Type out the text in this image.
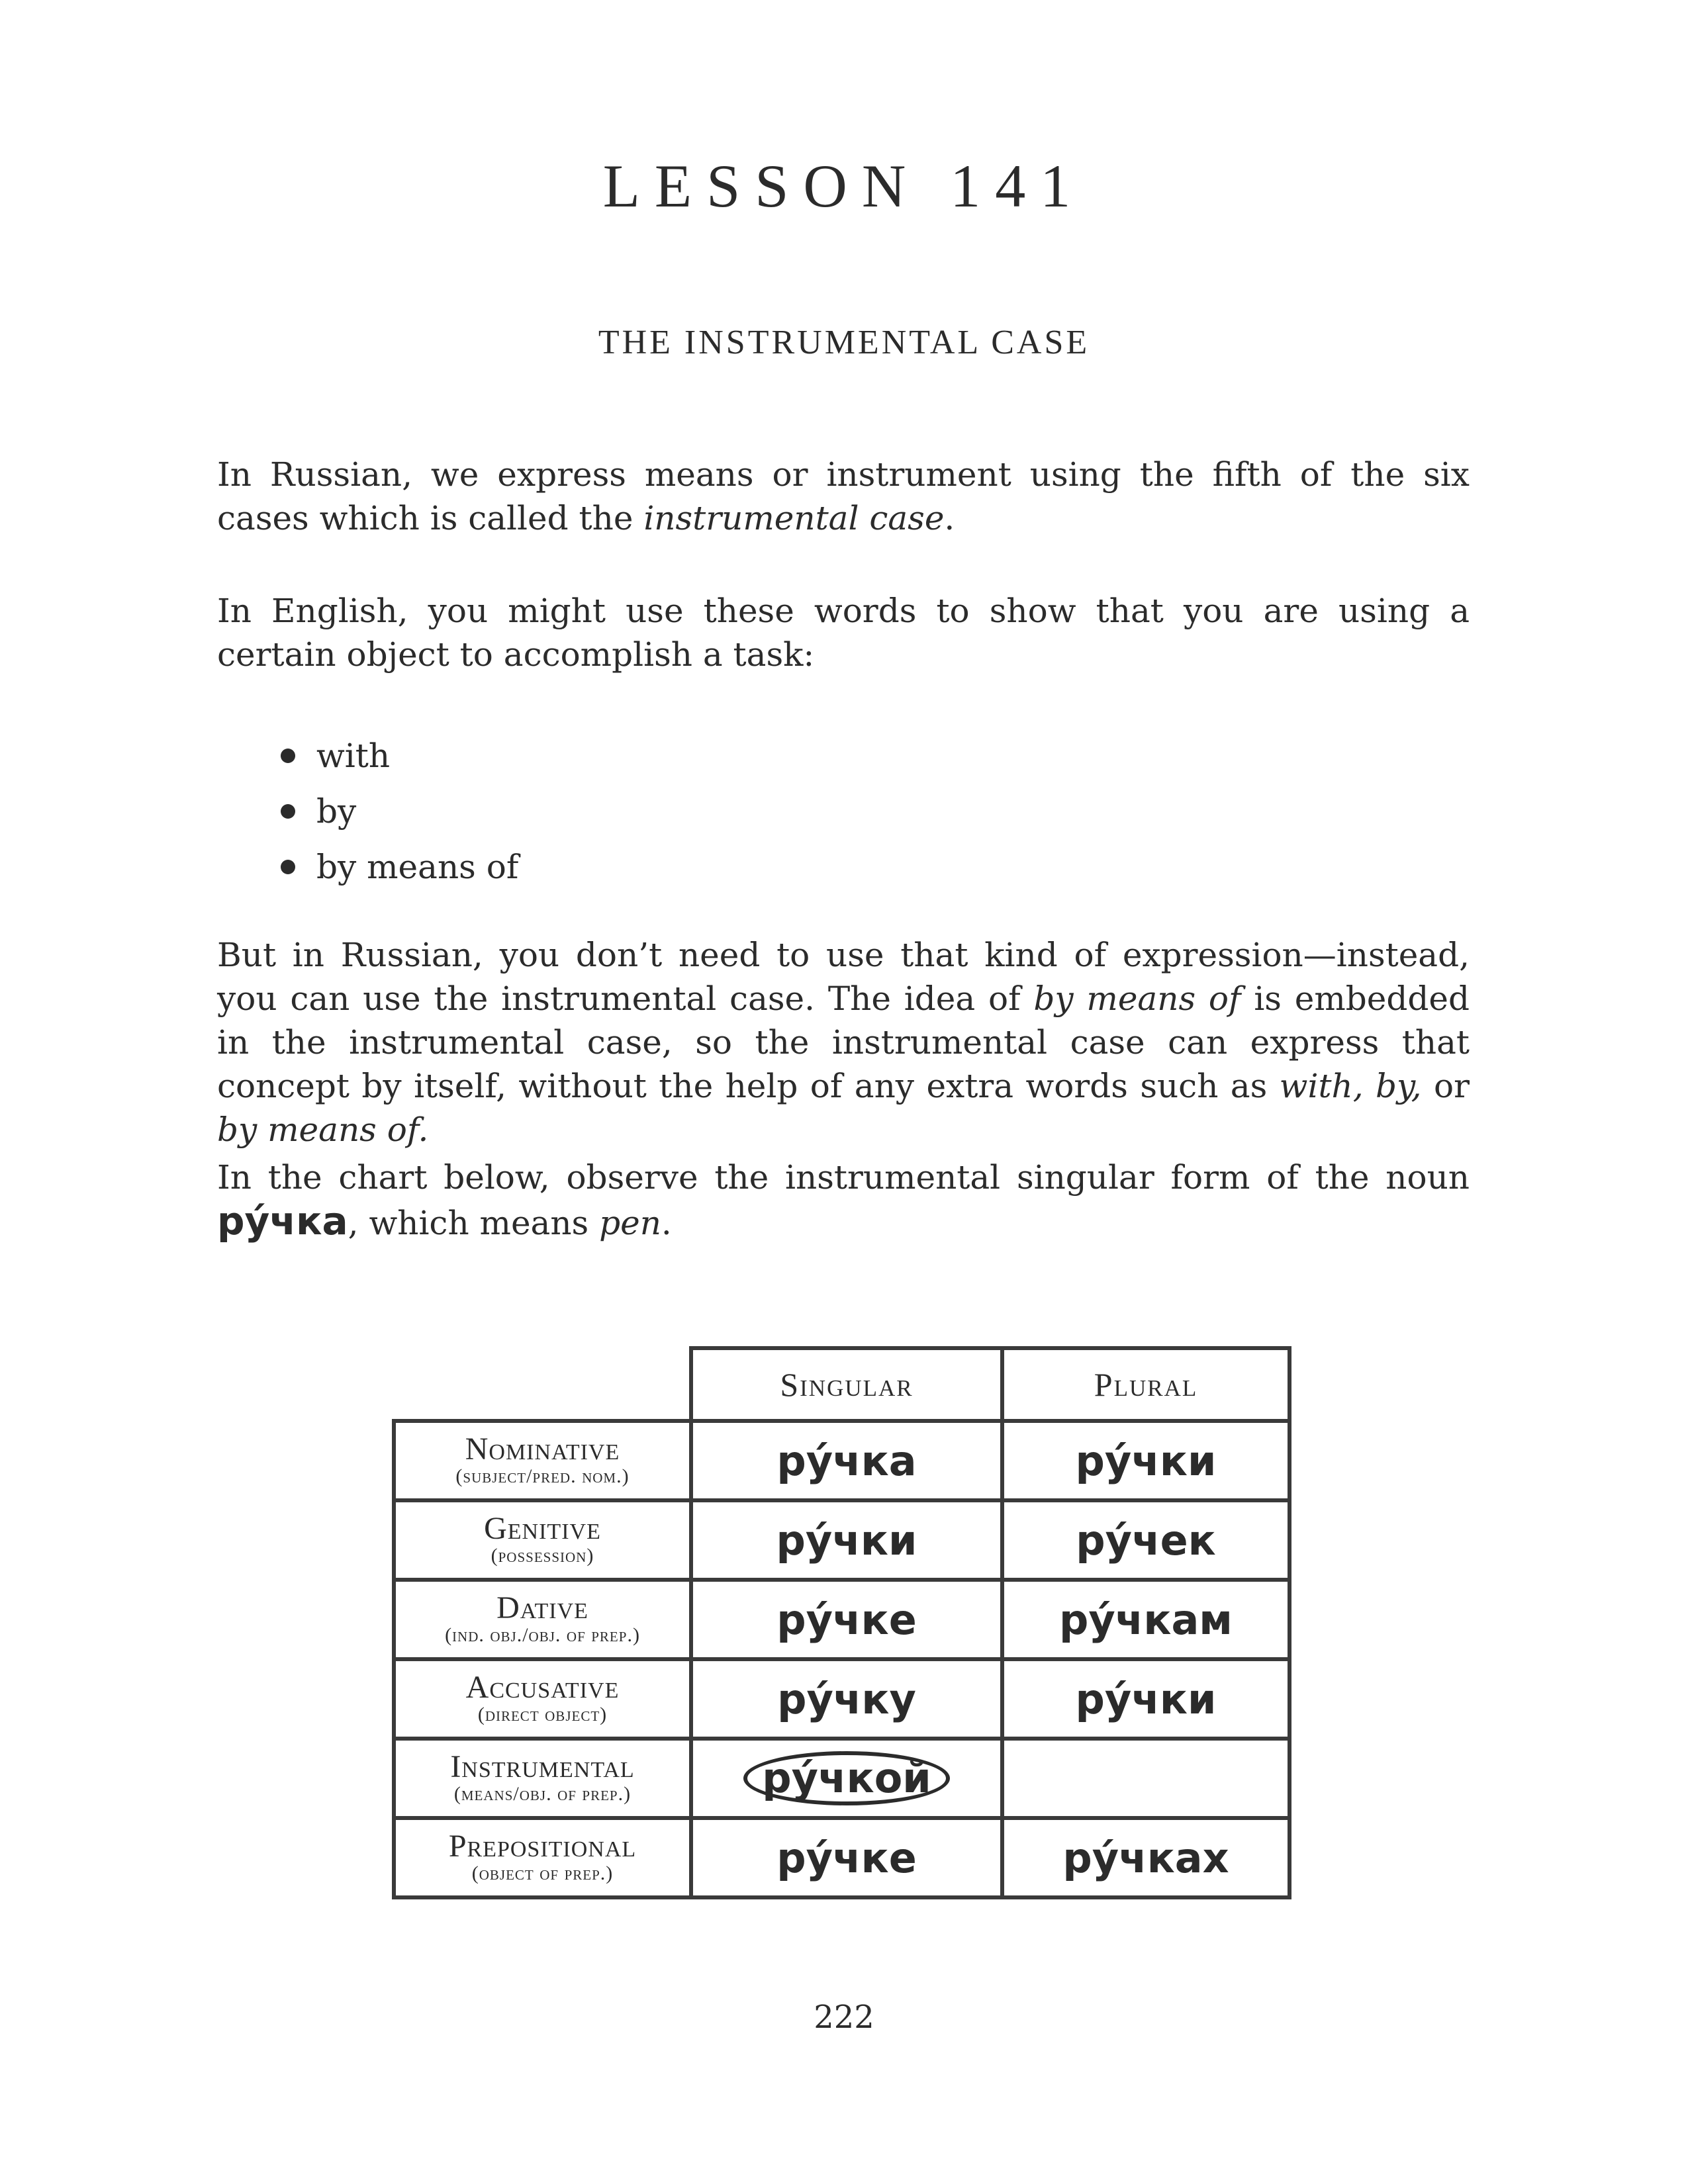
LESSON 141
THE INSTRUMENTAL CASE

In Russian, we express means or instrument using the fifth of the six cases which is called the instrumental case.

In English, you might use these words to show that you are using a certain object to accomplish a task:

with
by
by means of

But in Russian, you don’t need to use that kind of expression—instead, you can use the instrumental case. The idea of by means of is embedded in the instrumental case, so the instrumental case can express that concept by itself, without the help of any extra words such as with, by, or by means of.

In the chart below, observe the instrumental singular form of the noun ру́чка, which means pen.

	Singular	Plural

Nominative
(subject/pred. nom.)	ру́чка	ру́чки

Genitive
(possession)	ру́чки	ру́чек

Dative
(ind. obj./obj. of prep.)	ру́чке	ру́чкам

Accusative
(direct object)	ру́чку	ру́чки

Instrumental
(means/obj. of prep.)	ру́чкой	

Prepositional
(object of prep.)	ру́чке	ру́чках

222
